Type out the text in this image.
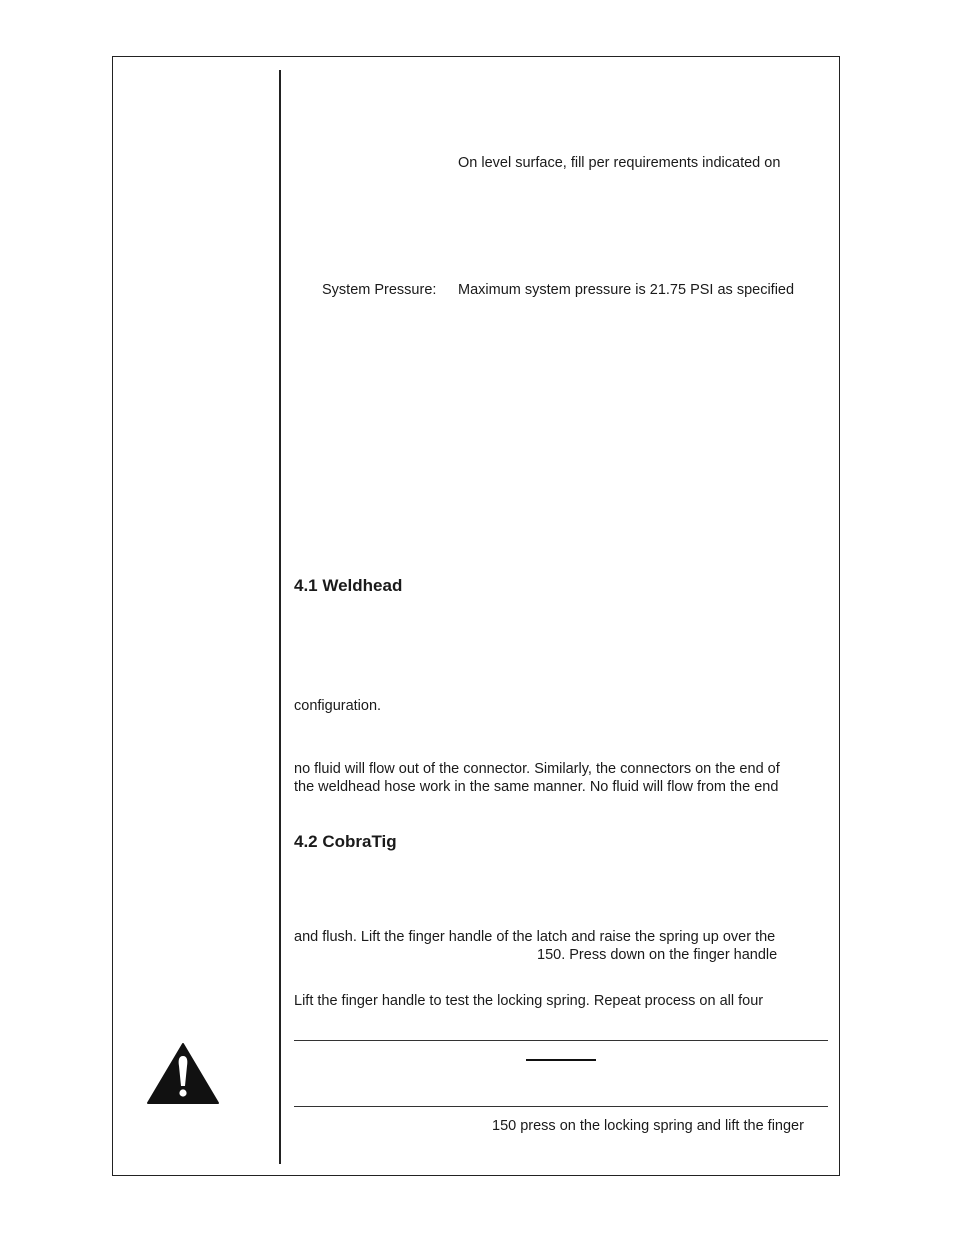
On level surface, fill per requirements indicated on
System Pressure: Maximum system pressure is 21.75 PSI as specified
4.1 Weldhead
configuration.
no fluid will flow out of the connector. Similarly, the connectors on the end of
the weldhead hose work in the same manner. No fluid will flow from the end
4.2 CobraTig
and flush. Lift the finger handle of the latch and raise the spring up over the
150. Press down on the finger handle
Lift the finger handle to test the locking spring. Repeat process on all four
150 press on the locking spring and lift the finger
